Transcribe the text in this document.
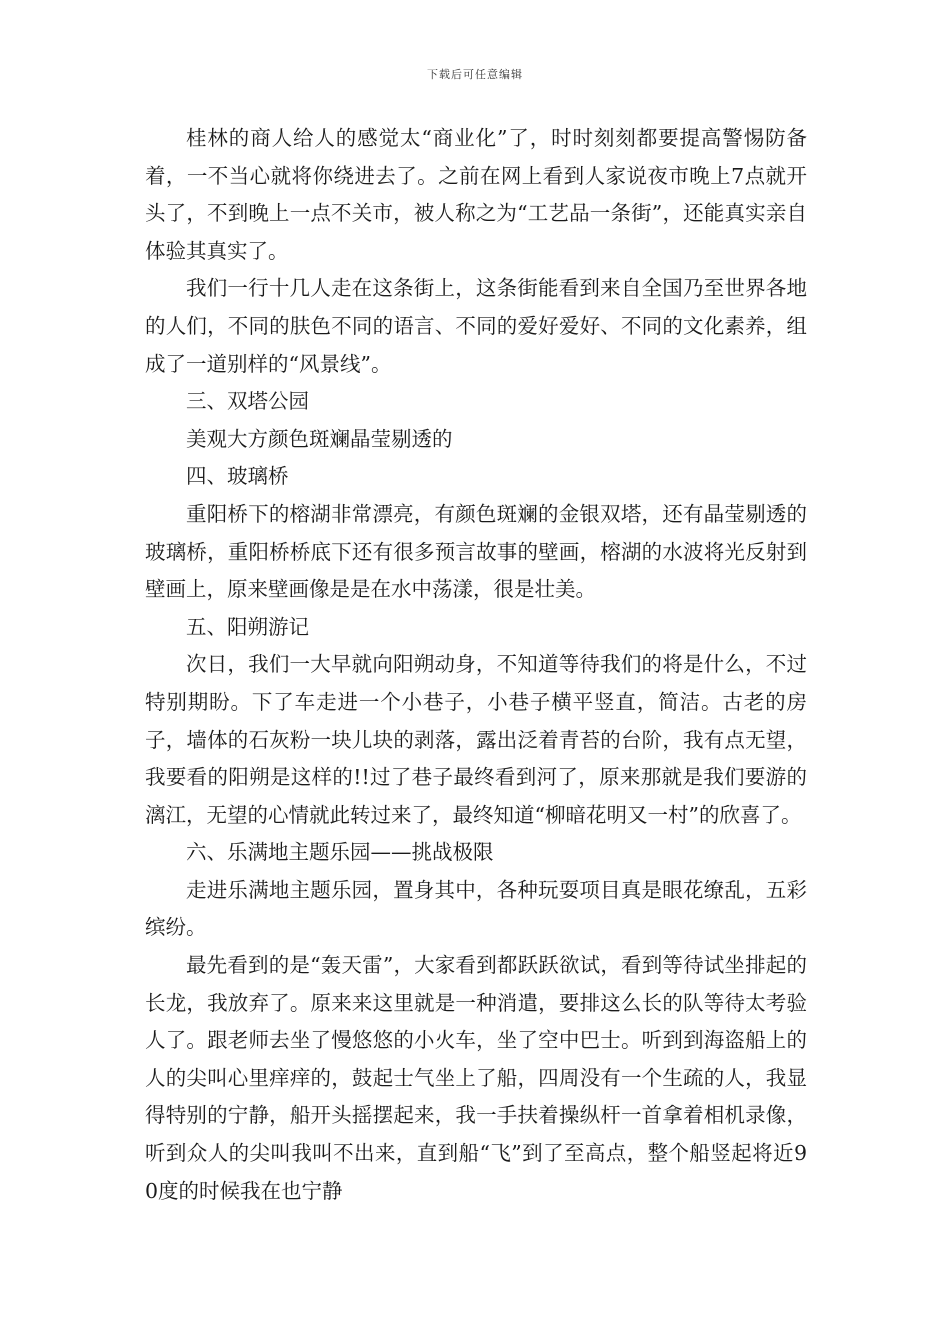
下载后可任意编辑

桂林的商人给人的感觉太“商业化”了，时时刻刻都要提高警惕防备着，一不当心就将你绕进去了。之前在网上看到人家说夜市晚上7点就开头了，不到晚上一点不关市，被人称之为“工艺品一条街”，还能真实亲自体验其真实了。

我们一行十几人走在这条街上，这条街能看到来自全国乃至世界各地的人们，不同的肤色不同的语言、不同的爱好爱好、不同的文化素养，组成了一道别样的“风景线”。

三、双塔公园

美观大方颜色斑斓晶莹剔透的

四、玻璃桥

重阳桥下的榕湖非常漂亮，有颜色斑斓的金银双塔，还有晶莹剔透的玻璃桥，重阳桥桥底下还有很多预言故事的壁画，榕湖的水波将光反射到壁画上，原来壁画像是是在水中荡漾，很是壮美。

五、阳朔游记

次日，我们一大早就向阳朔动身，不知道等待我们的将是什么，不过特别期盼。下了车走进一个小巷子，小巷子横平竖直，简洁。古老的房子，墙体的石灰粉一块儿块的剥落，露出泛着青苔的台阶，我有点无望，我要看的阳朔是这样的!!过了巷子最终看到河了，原来那就是我们要游的漓江，无望的心情就此转过来了，最终知道“柳暗花明又一村”的欣喜了。

六、乐满地主题乐园——挑战极限

走进乐满地主题乐园，置身其中，各种玩耍项目真是眼花缭乱，五彩缤纷。

最先看到的是“轰天雷”，大家看到都跃跃欲试，看到等待试坐排起的长龙，我放弃了。原来来这里就是一种消遣，要排这么长的队等待太考验人了。跟老师去坐了慢悠悠的小火车，坐了空中巴士。听到到海盗船上的人的尖叫心里痒痒的，鼓起士气坐上了船，四周没有一个生疏的人，我显得特别的宁静，船开头摇摆起来，我一手扶着操纵杆一首拿着相机录像，听到众人的尖叫我叫不出来，直到船“飞”到了至高点，整个船竖起将近90度的时候我在也宁静
